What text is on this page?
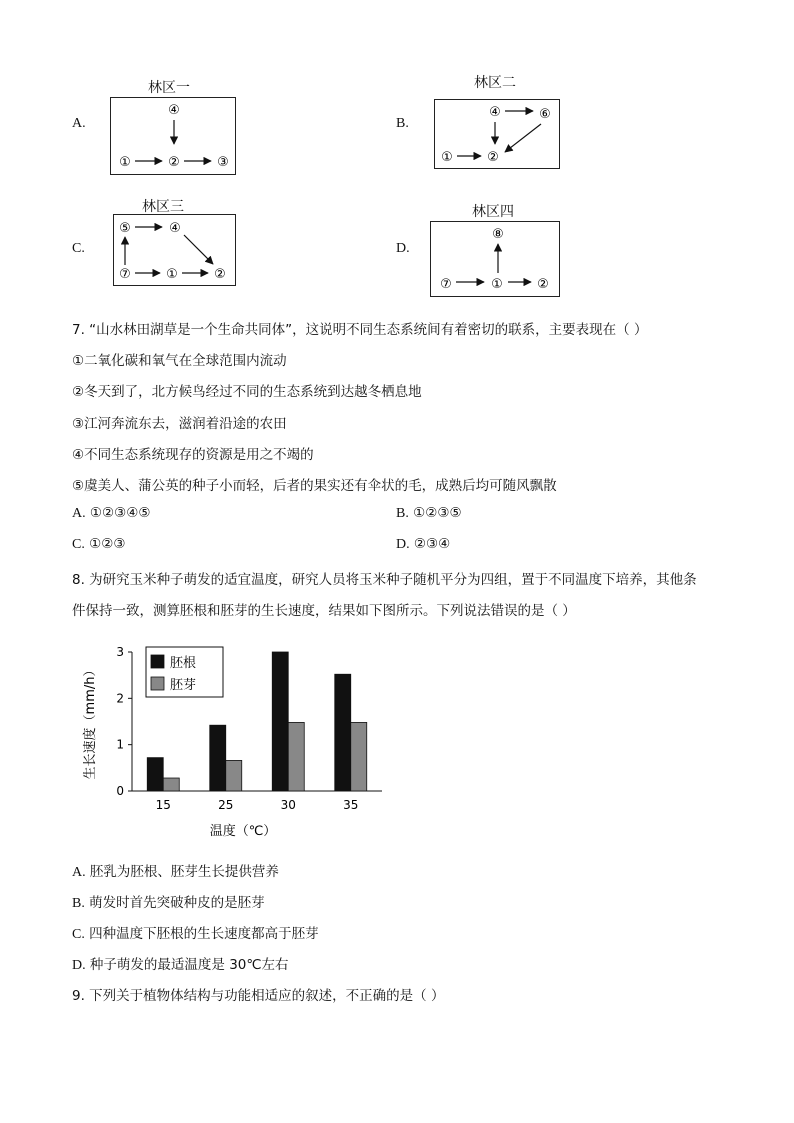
A.
林区一
④
①	②	③
B.
林区二
④	⑥
①	②
C.
林区三
⑤	④
⑦	①	②
D.
林区四
⑧
⑦	①	②
7. “山水林田湖草是一个生命共同体”，这说明不同生态系统间有着密切的联系，主要表现在（ ）
①二氧化碳和氧气在全球范围内流动
②冬天到了，北方候鸟经过不同的生态系统到达越冬栖息地
③江河奔流东去，滋润着沿途的农田
④不同生态系统现存的资源是用之不竭的
⑤虞美人、蒲公英的种子小而轻，后者的果实还有伞状的毛，成熟后均可随风飘散
A. ①②③④⑤	B. ①②③⑤
C. ①②③	D. ②③④
8. 为研究玉米种子萌发的适宜温度，研究人员将玉米种子随机平分为四组，置于不同温度下培养，其他条
件保持一致，测算胚根和胚芽的生长速度，结果如下图所示。下列说法错误的是（ ）
生长速度（mm/h）
温度（℃）
0
1
2
3
15	25	30	35
胚根
胚芽
A. 胚乳为胚根、胚芽生长提供营养
B. 萌发时首先突破种皮的是胚芽
C. 四种温度下胚根的生长速度都高于胚芽
D. 种子萌发的最适温度是 30℃左右
9. 下列关于植物体结构与功能相适应的叙述，不正确的是（ ）
